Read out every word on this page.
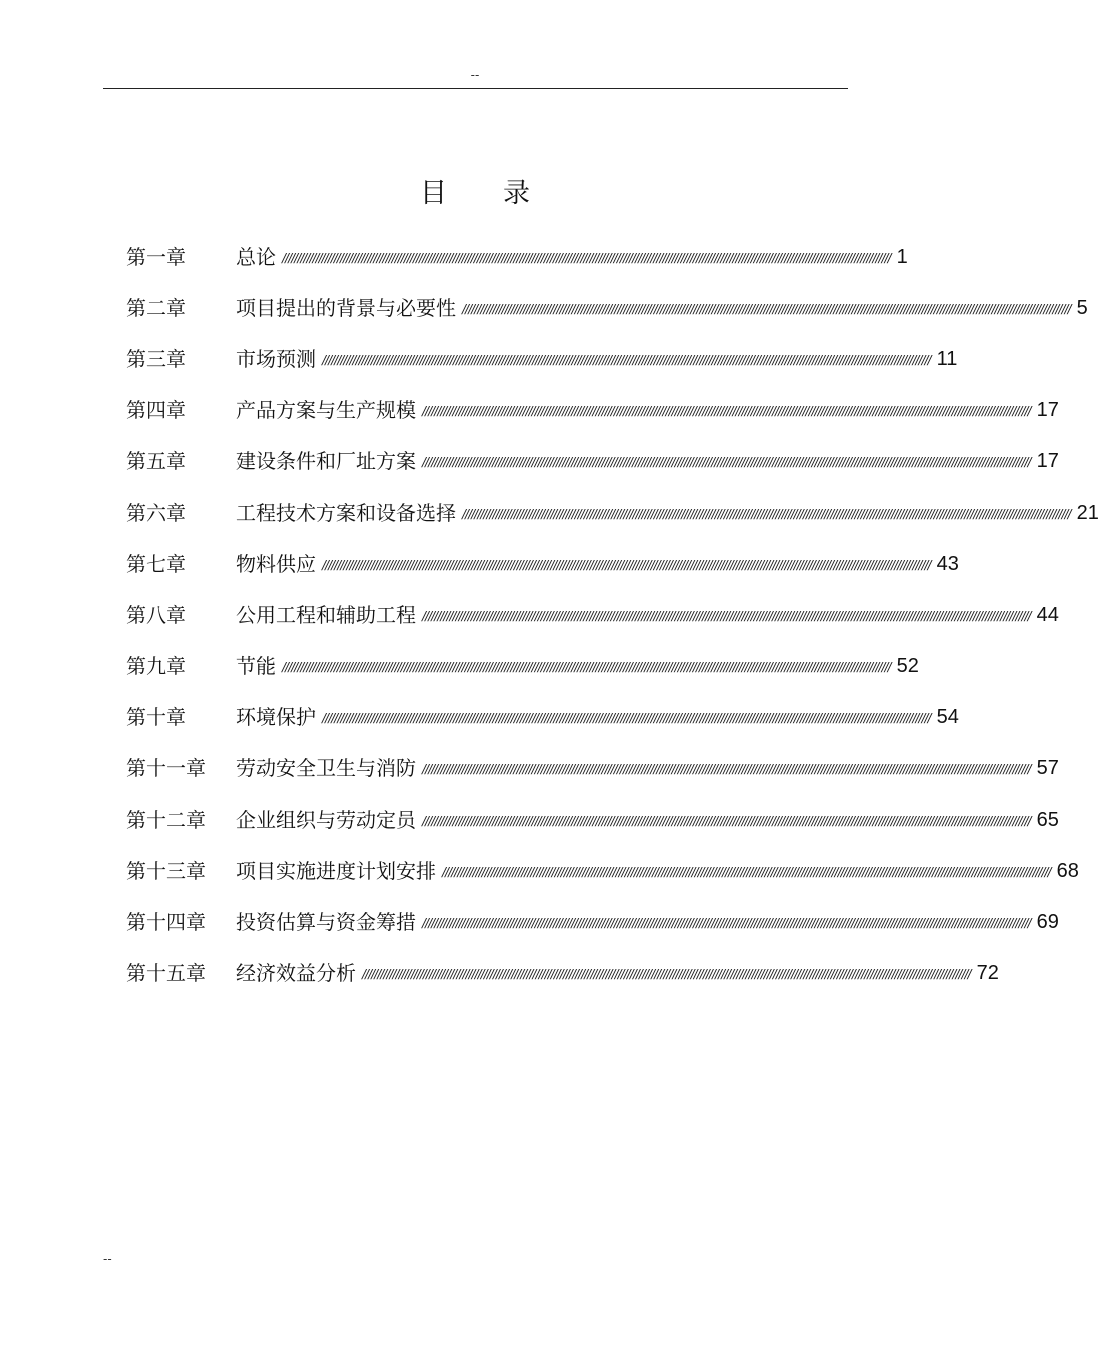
--
目 录
第一章	总论 //////////////////////////////////////////////////////////////////////////////////////////////////////////////////////////////////////////////////////////////////////////////////////////////////////// 1
第二章	项目提出的背景与必要性 //////////////////////////////////////////////////////////////////////////////////////////////////////////////////////////////////////////////////////////////////////////////////////////////////////// 5
第三章	市场预测 //////////////////////////////////////////////////////////////////////////////////////////////////////////////////////////////////////////////////////////////////////////////////////////////////////// 11
第四章	产品方案与生产规模 //////////////////////////////////////////////////////////////////////////////////////////////////////////////////////////////////////////////////////////////////////////////////////////////////////// 17
第五章	建设条件和厂址方案 //////////////////////////////////////////////////////////////////////////////////////////////////////////////////////////////////////////////////////////////////////////////////////////////////////// 17
第六章	工程技术方案和设备选择 //////////////////////////////////////////////////////////////////////////////////////////////////////////////////////////////////////////////////////////////////////////////////////////////////////// 21
第七章	物料供应 //////////////////////////////////////////////////////////////////////////////////////////////////////////////////////////////////////////////////////////////////////////////////////////////////////// 43
第八章	公用工程和辅助工程 //////////////////////////////////////////////////////////////////////////////////////////////////////////////////////////////////////////////////////////////////////////////////////////////////////// 44
第九章	节能 //////////////////////////////////////////////////////////////////////////////////////////////////////////////////////////////////////////////////////////////////////////////////////////////////////// 52
第十章	环境保护 //////////////////////////////////////////////////////////////////////////////////////////////////////////////////////////////////////////////////////////////////////////////////////////////////////// 54
第十一章	劳动安全卫生与消防 //////////////////////////////////////////////////////////////////////////////////////////////////////////////////////////////////////////////////////////////////////////////////////////////////////// 57
第十二章	企业组织与劳动定员 //////////////////////////////////////////////////////////////////////////////////////////////////////////////////////////////////////////////////////////////////////////////////////////////////////// 65
第十三章	项目实施进度计划安排 //////////////////////////////////////////////////////////////////////////////////////////////////////////////////////////////////////////////////////////////////////////////////////////////////////// 68
第十四章	投资估算与资金筹措 //////////////////////////////////////////////////////////////////////////////////////////////////////////////////////////////////////////////////////////////////////////////////////////////////////// 69
第十五章	经济效益分析 //////////////////////////////////////////////////////////////////////////////////////////////////////////////////////////////////////////////////////////////////////////////////////////////////////// 72
--
